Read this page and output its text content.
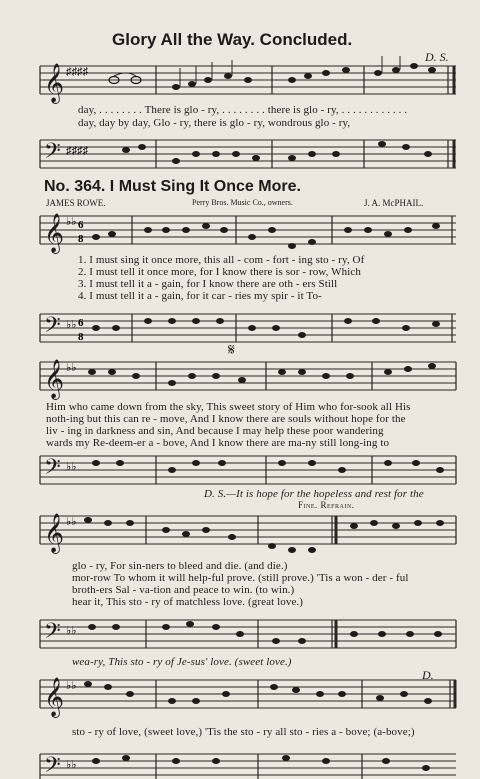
Glory All the Way. Concluded.
D. S.
𝄞 ♯♯♯♯
day, . . . . . . . . There is glo - ry, . . . . . . . . there is glo - ry, . . . . . . . . . . . .
day, day by day, Glo - ry, there is glo - ry, wondrous glo - ry,
𝄢 ♯♯♯♯
No. 364. I Must Sing It Once More.
JAMES ROWE.	Perry Bros. Music Co., owners.	J. A. McPHAIL.
𝄞 ♭♭ 6
8
1. I must sing it once more, this all - com - fort - ing sto - ry, Of
2. I must tell it once more, for I know there is sor - row, Which
3. I must tell it a - gain, for I know there are oth - ers Still
4. I must tell it a - gain, for it car - ries my spir - it To-
𝄢 ♭♭ 6
8
𝄋
𝄞 ♭♭
Him who came down from the sky, This sweet story of Him who for-sook all His
noth-ing but this can re - move, And I know there are souls without hope for the
liv - ing in darkness and sin, And because I may help these poor wandering
wards my Re-deem-er a - bove, And I know there are ma-ny still long-ing to
𝄢 ♭♭
D. S.—It is hope for the hopeless and rest for the
Fine. Refrain.
𝄞 ♭♭
glo - ry, For sin-ners to bleed and die. (and die.)
mor-row To whom it will help-ful prove. (still prove.) 'Tis a won - der - ful
broth-ers Sal - va-tion and peace to win. (to win.)
hear it, This sto - ry of matchless love. (great love.)
𝄢 ♭♭
wea-ry, This sto - ry of Je-sus' love. (sweet love.)
D.
𝄞 ♭♭
sto - ry of love, (sweet love,) 'Tis the sto - ry all sto - ries a - bove; (a-bove;)
𝄢 ♭♭
